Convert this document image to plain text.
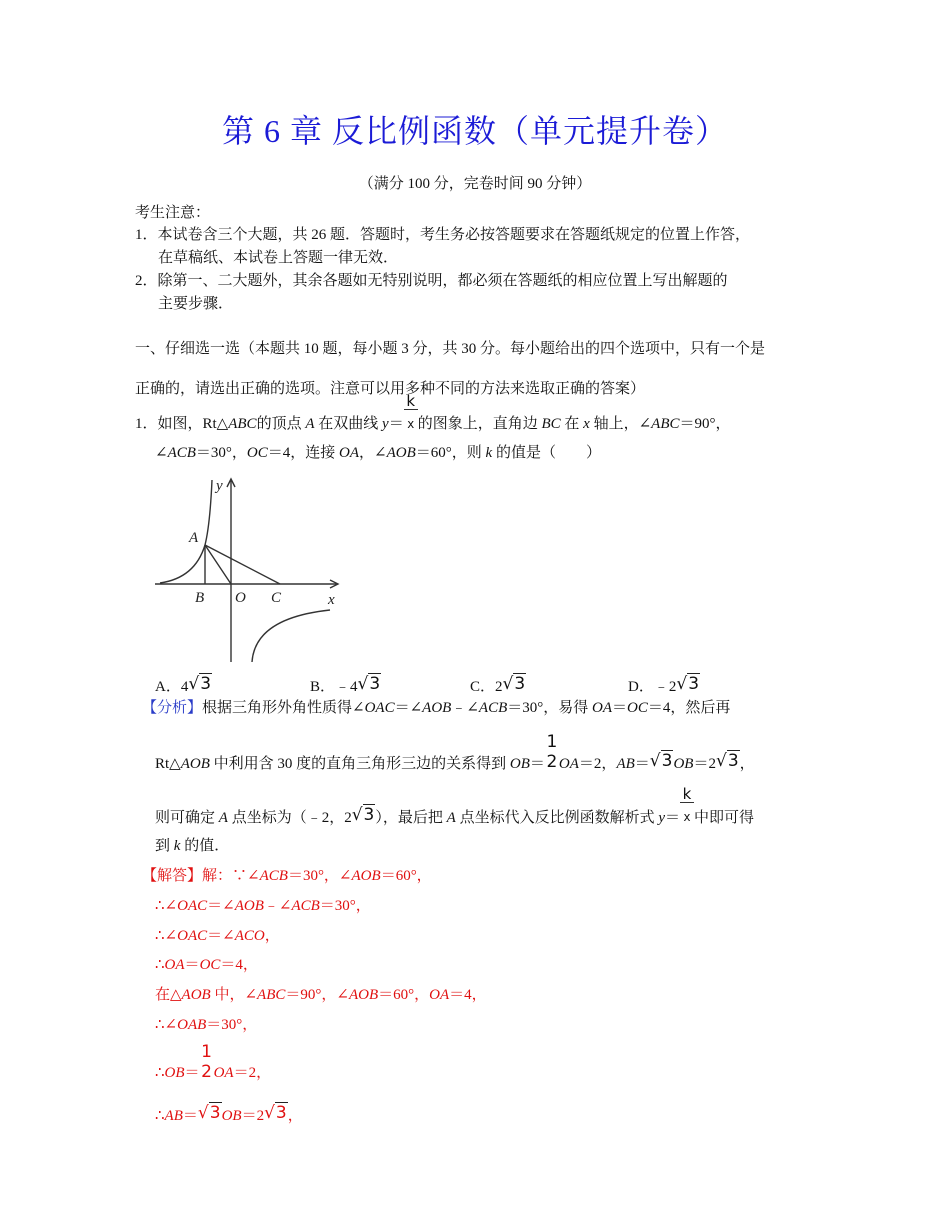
第 6 章 反比例函数（单元提升卷）
（满分 100 分，完卷时间 90 分钟）
考生注意：
1．本试卷含三个大题，共 26 题．答题时，考生务必按答题要求在答题纸规定的位置上作答，
在草稿纸、本试卷上答题一律无效．
2．除第一、二大题外，其余各题如无特别说明，都必须在答题纸的相应位置上写出解题的
主要步骤．
一、仔细选一选（本题共 10 题，每小题 3 分，共 30 分。每小题给出的四个选项中，只有一个是
正确的，请选出正确的选项。注意可以用多种不同的方法来选取正确的答案）
1．如图，Rt△ABC的顶点 A 在双曲线 $y= \frac{k}{x}$ 的图象上，直角边 BC 在 x 轴上，∠ABC＝90°，
∠ACB＝30°，OC＝4，连接 OA，∠AOB＝60°，则 k 的值是（　　）
【分析】根据三角形外角性质得∠OAC＝∠AOB﹣∠ACB＝30°，易得 OA＝OC＝4，然后再
Rt△AOB 中利用含 30 度的直角三角形三边的关系得到 OB＝
1
2 OA＝2，AB＝√3OB＝2√3，
则可确定 A 点坐标为（﹣2，2√3），最后把 A 点坐标代入反比例函数解析式 $y= \frac{k}{x}$ 中即可得
到 k 的值．
【解答】解：∵∠ACB＝30°，∠AOB＝60°，
∴∠OAC＝∠AOB﹣∠ACB＝30°，
∴∠OAC＝∠ACO，
∴OA＝OC＝4，
在△AOB 中，∠ABC＝90°，∠AOB＝60°，OA＝4，
∴∠OAB＝30°，
∴OB＝
1
2 OA＝2，
∴AB＝√3OB＝2√3，
y
A
B O C	x
A．4√3	B．﹣4√3	C．2√3	D．﹣2√3
